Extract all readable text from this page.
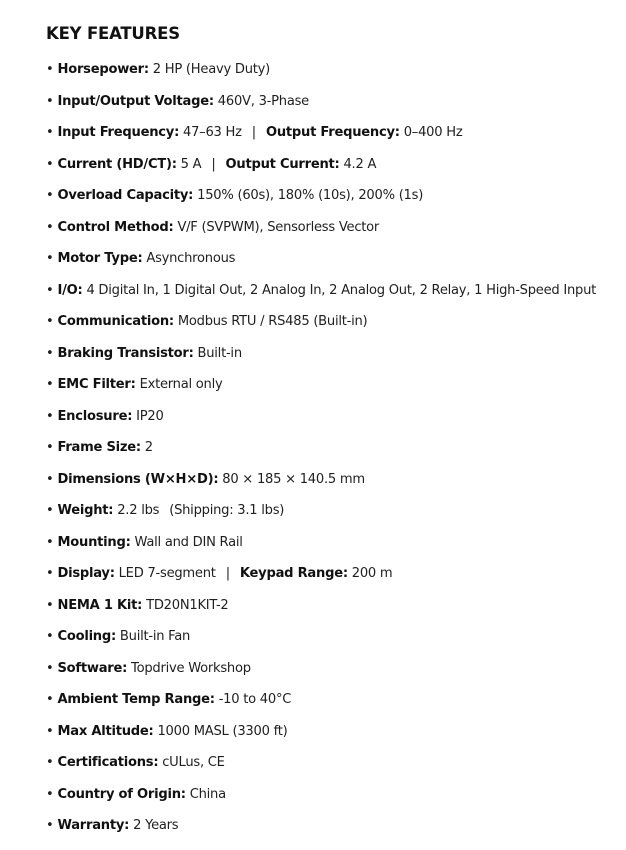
KEY FEATURES
• Horsepower: 2 HP (Heavy Duty)
• Input/Output Voltage: 460V, 3-Phase
• Input Frequency: 47–63 Hz | Output Frequency: 0–400 Hz
• Current (HD/CT): 5 A | Output Current: 4.2 A
• Overload Capacity: 150% (60s), 180% (10s), 200% (1s)
• Control Method: V/F (SVPWM), Sensorless Vector
• Motor Type: Asynchronous
• I/O: 4 Digital In, 1 Digital Out, 2 Analog In, 2 Analog Out, 2 Relay, 1 High-Speed Input
• Communication: Modbus RTU / RS485 (Built-in)
• Braking Transistor: Built-in
• EMC Filter: External only
• Enclosure: IP20
• Frame Size: 2
• Dimensions (W×H×D): 80 × 185 × 140.5 mm
• Weight: 2.2 lbs (Shipping: 3.1 lbs)
• Mounting: Wall and DIN Rail
• Display: LED 7-segment | Keypad Range: 200 m
• NEMA 1 Kit: TD20N1KIT-2
• Cooling: Built-in Fan
• Software: Topdrive Workshop
• Ambient Temp Range: -10 to 40°C
• Max Altitude: 1000 MASL (3300 ft)
• Certifications: cULus, CE
• Country of Origin: China
• Warranty: 2 Years
